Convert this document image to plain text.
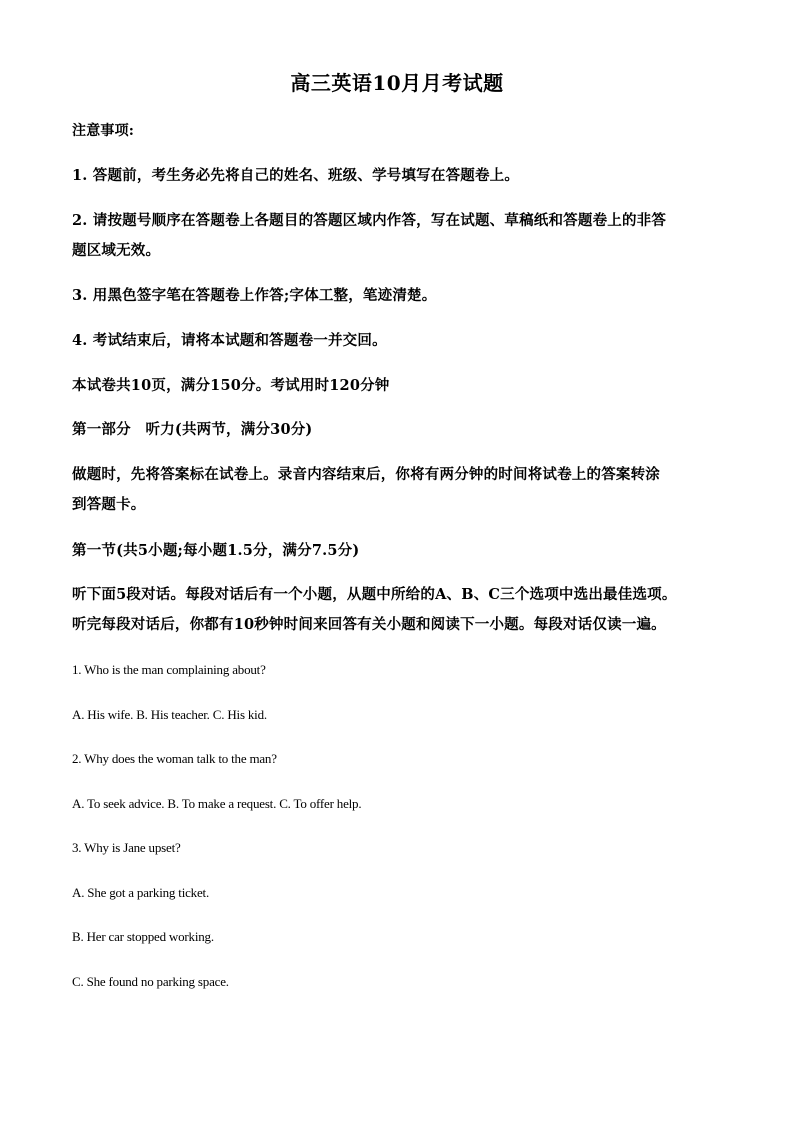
高三英语10月月考试题
注意事项:
1. 答题前，考生务必先将自己的姓名、班级、学号填写在答题卷上。
2. 请按题号顺序在答题卷上各题目的答题区域内作答，写在试题、草稿纸和答题卷上的非答
题区域无效。
3. 用黑色签字笔在答题卷上作答;字体工整，笔迹清楚。
4. 考试结束后，请将本试题和答题卷一并交回。
本试卷共10页，满分150分。考试用时120分钟
第一部分　听力(共两节，满分30分)
做题时，先将答案标在试卷上。录音内容结束后，你将有两分钟的时间将试卷上的答案转涂
到答题卡。
第一节(共5小题;每小题1.5分，满分7.5分)
听下面5段对话。每段对话后有一个小题，从题中所给的A、B、C三个选项中选出最佳选项。
听完每段对话后，你都有10秒钟时间来回答有关小题和阅读下一小题。每段对话仅读一遍。
1. Who is the man complaining about?
A. His wife. B. His teacher. C. His kid.
2. Why does the woman talk to the man?
A. To seek advice. B. To make a request. C. To offer help.
3. Why is Jane upset?
A. She got a parking ticket.
B. Her car stopped working.
C. She found no parking space.
